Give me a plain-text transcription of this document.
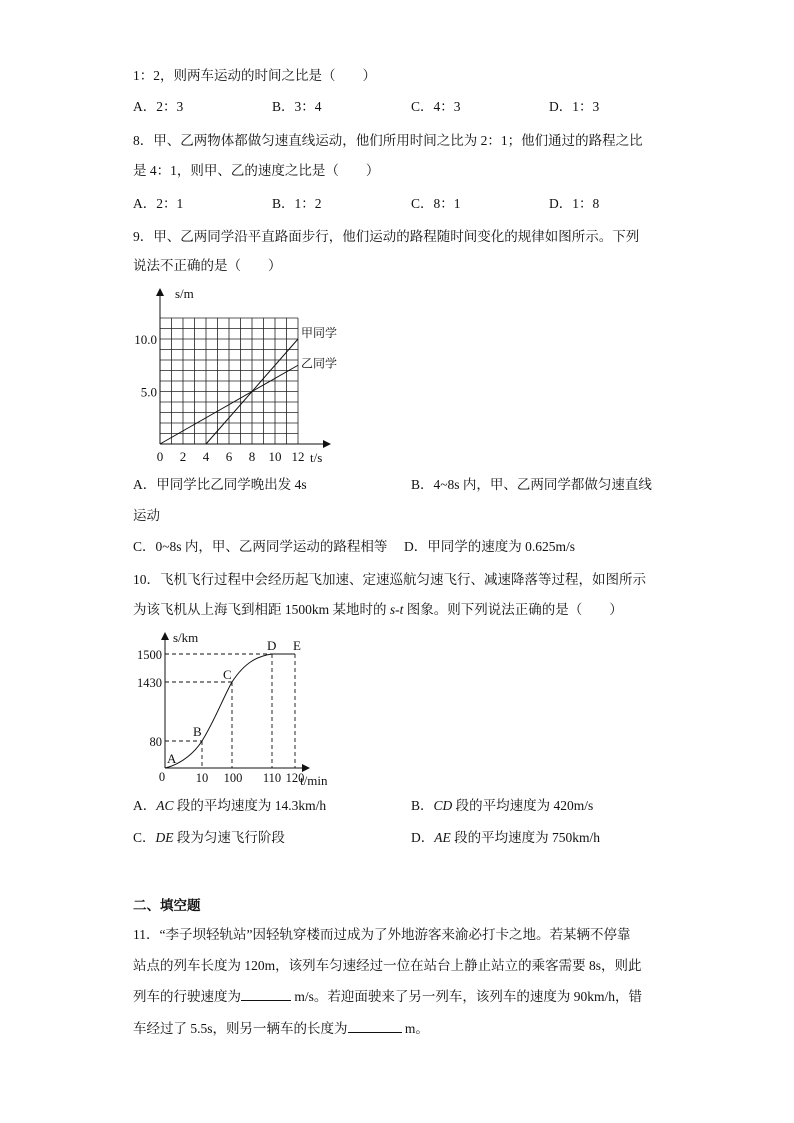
1：2，则两车运动的时间之比是（　　）
A．2：3	B．3：4	C．4：3	D．1：3
8．甲、乙两物体都做匀速直线运动，他们所用时间之比为 2：1；他们通过的路程之比
是 4：1，则甲、乙的速度之比是（　　）
A．2：1	B．1：2	C．8：1	D．1：8
9．甲、乙两同学沿平直路面步行，他们运动的路程随时间变化的规律如图所示。下列
说法不正确的是（　　）
s/m
t/s
0 2 4 6 8 10 12
5.0
10.0	甲同学
乙同学
A．甲同学比乙同学晚出发 4s	B．4~8s 内，甲、乙两同学都做匀速直线
运动
C．0~8s 内，甲、乙两同学运动的路程相等 D．甲同学的速度为 0.625m/s
10．飞机飞行过程中会经历起飞加速、定速巡航匀速飞行、减速降落等过程，如图所示
为该飞机从上海飞到相距 1500km 某地时的 s-t 图象。则下列说法正确的是（　　）
s/km
t/min
1500
1430
80
0 10 100 110 120
A
B
C
D E
A．AC 段的平均速度为 14.3km/h	B．CD 段的平均速度为 420m/s
C．DE 段为匀速飞行阶段	D．AE 段的平均速度为 750km/h
二、填空题
11．“李子坝轻轨站”因轻轨穿楼而过成为了外地游客来渝必打卡之地。若某辆不停靠
站点的列车长度为 120m，该列车匀速经过一位在站台上静止站立的乘客需要 8s，则此
列车的行驶速度为	m/s。若迎面驶来了另一列车，该列车的速度为 90km/h，错
车经过了 5.5s，则另一辆车的长度为	m。
